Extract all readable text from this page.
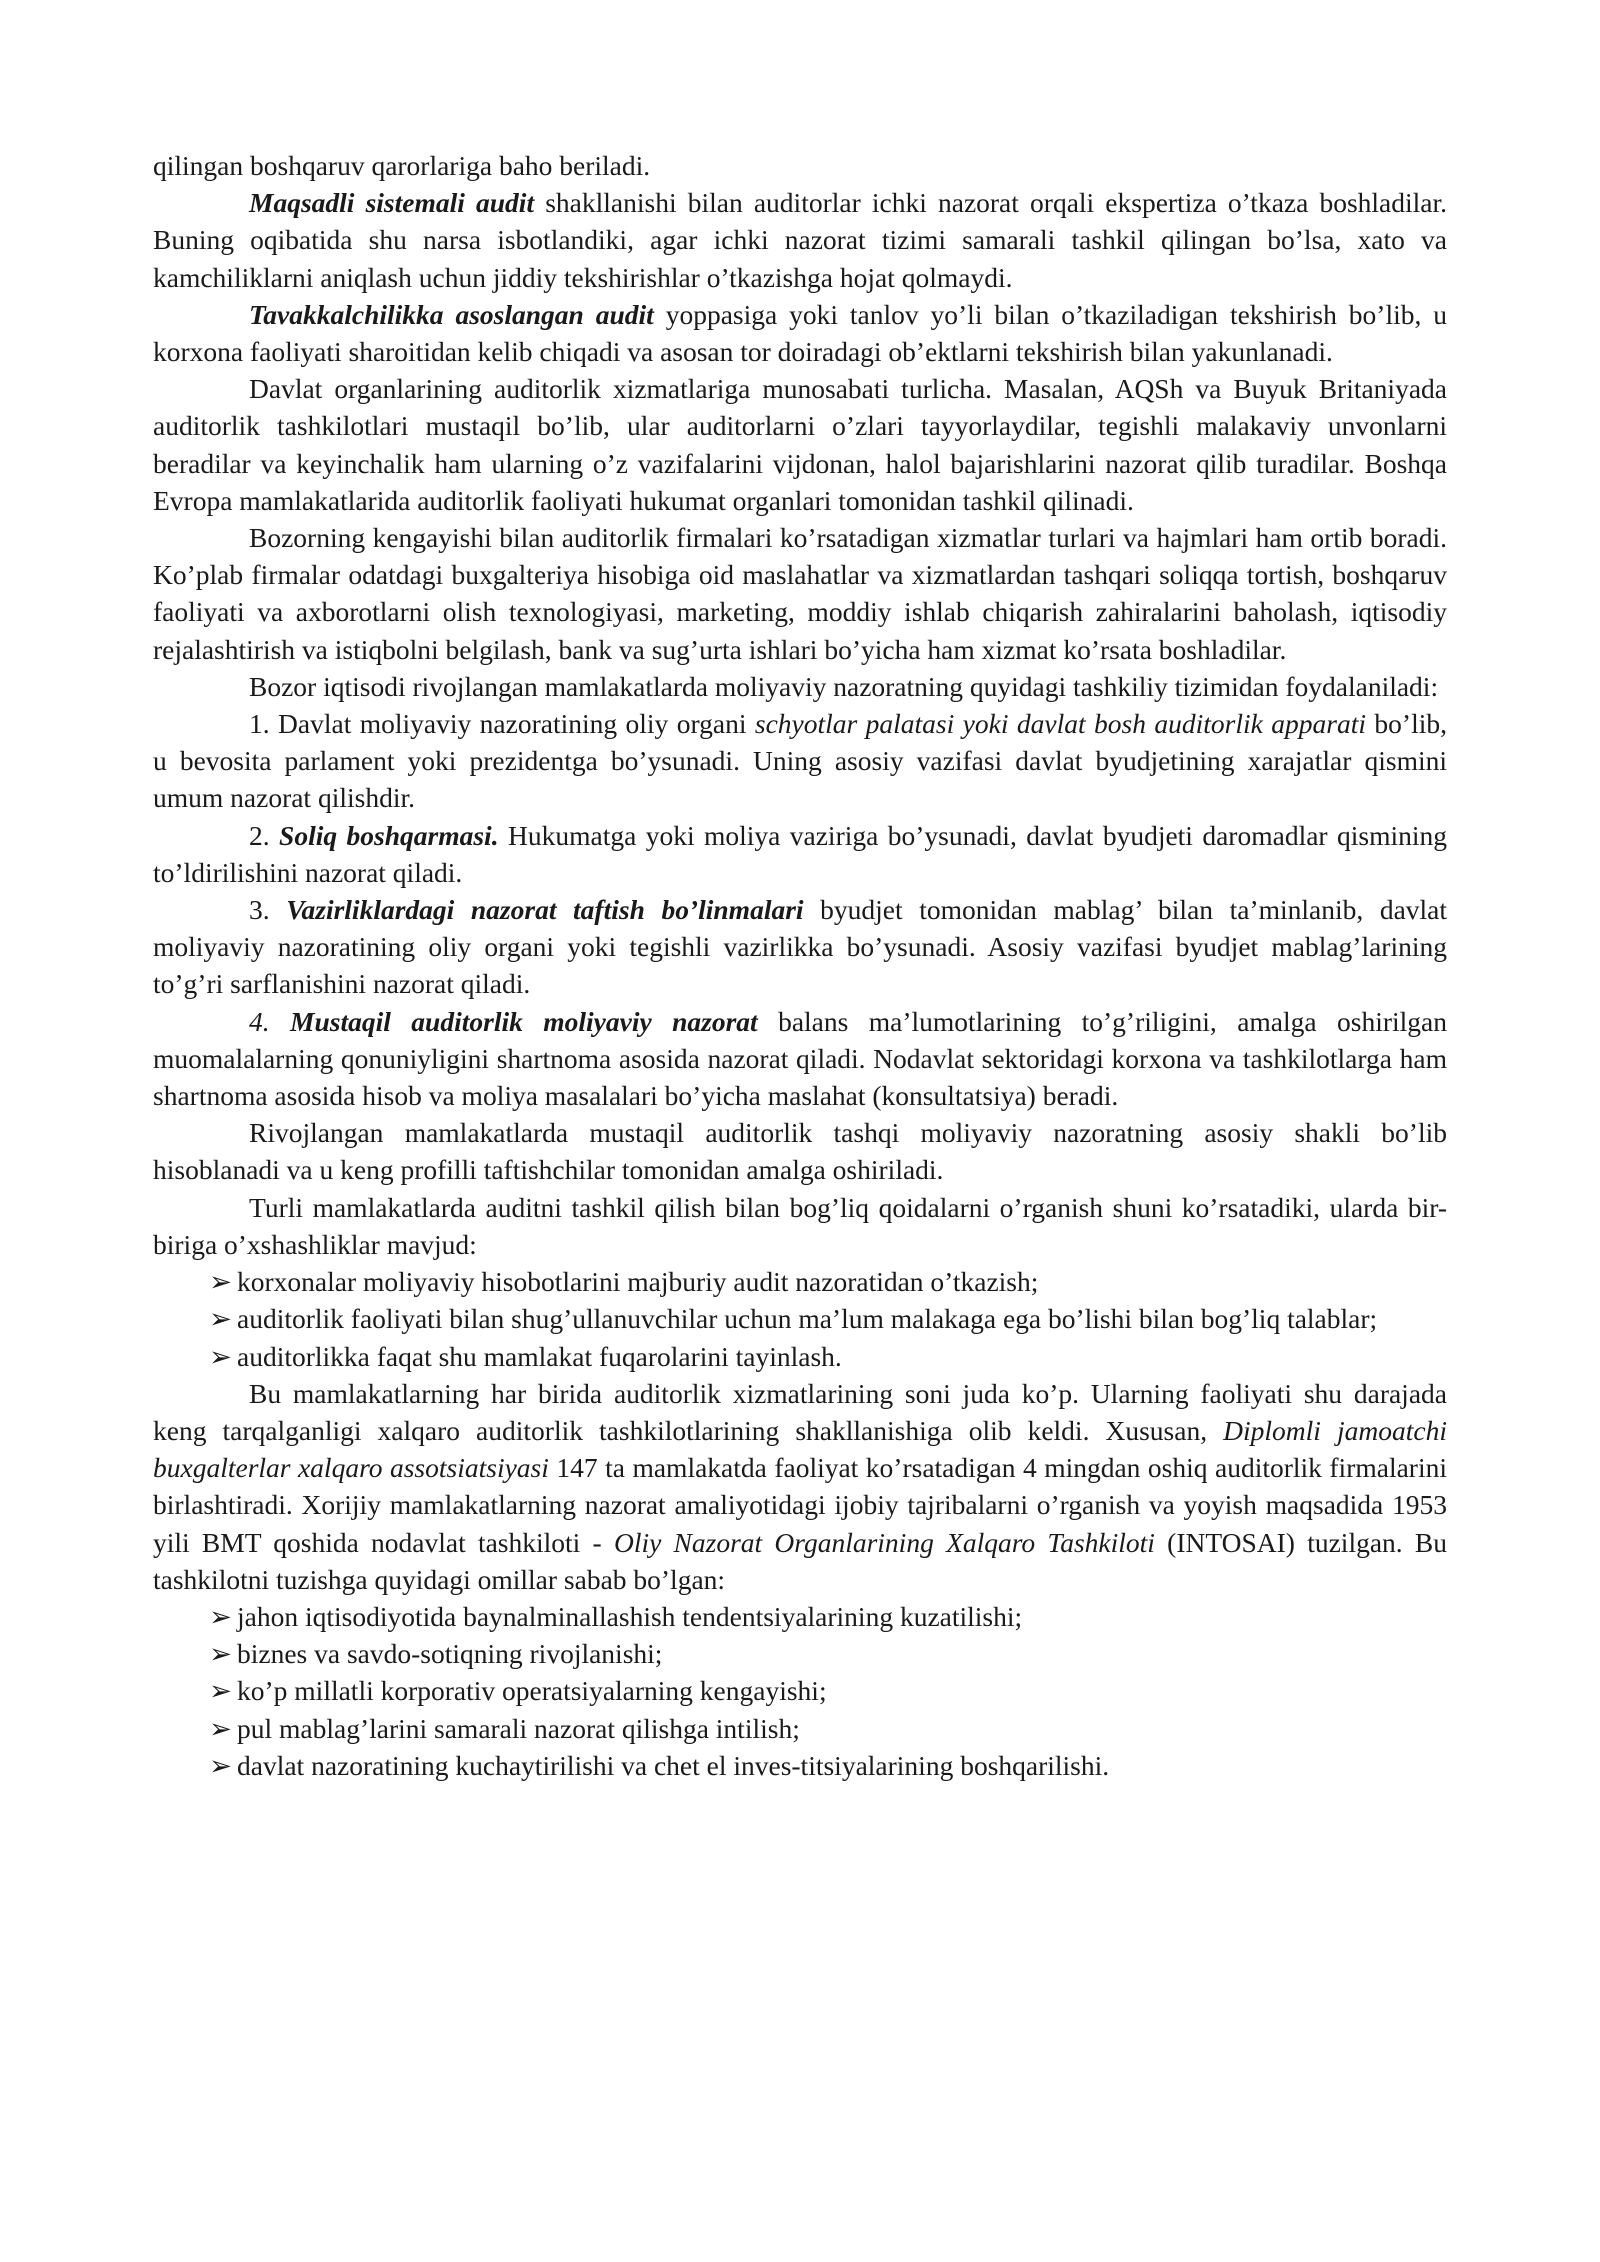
qilingan boshqaruv qarorlariga baho beriladi.

Maqsadli sistemali audit shakllanishi bilan auditorlar ichki nazorat orqali ekspertiza o’tkaza boshladilar. Buning oqibatida shu narsa isbotlandiki, agar ichki nazorat tizimi samarali tashkil qilingan bo’lsa, xato va kamchiliklarni aniqlash uchun jiddiy tekshirishlar o’tkazishga hojat qolmaydi.

Tavakkalchilikka asoslangan audit yoppasiga yoki tanlov yo’li bilan o’tkaziladigan tekshirish bo’lib, u korxona faoliyati sharoitidan kelib chiqadi va asosan tor doiradagi ob’ektlarni tekshirish bilan yakunlanadi.

Davlat organlarining auditorlik xizmatlariga munosabati turlicha. Masalan, AQSh va Buyuk Britaniyada auditorlik tashkilotlari mustaqil bo’lib, ular auditorlarni o’zlari tayyorlaydilar, tegishli malakaviy unvonlarni beradilar va keyinchalik ham ularning o’z vazifalarini vijdonan, halol bajarishlarini nazorat qilib turadilar. Boshqa Evropa mamlakatlarida auditorlik faoliyati hukumat organlari tomonidan tashkil qilinadi.

Bozorning kengayishi bilan auditorlik firmalari ko’rsatadigan xizmatlar turlari va hajmlari ham ortib boradi. Ko’plab firmalar odatdagi buxgalteriya hisobiga oid maslahatlar va xizmatlardan tashqari soliqqa tortish, boshqaruv faoliyati va axborotlarni olish texnologiyasi, marketing, moddiy ishlab chiqarish zahiralarini baholash, iqtisodiy rejalashtirish va istiqbolni belgilash, bank va sug’urta ishlari bo’yicha ham xizmat ko’rsata boshladilar.

Bozor iqtisodi rivojlangan mamlakatlarda moliyaviy nazoratning quyidagi tashkiliy tizimidan foydalaniladi:

1. Davlat moliyaviy nazoratining oliy organi schyotlar palatasi yoki davlat bosh auditorlik apparati bo’lib, u bevosita parlament yoki prezidentga bo’ysunadi. Uning asosiy vazifasi davlat byudjetining xarajatlar qismini umum nazorat qilishdir.

2. Soliq boshqarmasi. Hukumatga yoki moliya vaziriga bo’ysunadi, davlat byudjeti daromadlar qismining to’ldirilishini nazorat qiladi.

3. Vazirliklardagi nazorat taftish bo’linmalari byudjet tomonidan mablag’ bilan ta’minlanib, davlat moliyaviy nazoratining oliy organi yoki tegishli vazirlikka bo’ysunadi. Asosiy vazifasi byudjet mablag’larining to’g’ri sarflanishini nazorat qiladi.

4. Mustaqil auditorlik moliyaviy nazorat balans ma’lumotlarining to’g’riligini, amalga oshirilgan muomalalarning qonuniyligini shartnoma asosida nazorat qiladi. Nodavlat sektoridagi korxona va tashkilotlarga ham shartnoma asosida hisob va moliya masalalari bo’yicha maslahat (konsultatsiya) beradi.

Rivojlangan mamlakatlarda mustaqil auditorlik tashqi moliyaviy nazoratning asosiy shakli bo’lib hisoblanadi va u keng profilli taftishchilar tomonidan amalga oshiriladi.

Turli mamlakatlarda auditni tashkil qilish bilan bog’liq qoidalarni o’rganish shuni ko’rsatadiki, ularda bir-biriga o’xshashliklar mavjud:

➢ korxonalar moliyaviy hisobotlarini majburiy audit nazoratidan o’tkazish;

➢ auditorlik faoliyati bilan shug’ullanuvchilar uchun ma’lum malakaga ega bo’lishi bilan bog’liq talablar;

➢ auditorlikka faqat shu mamlakat fuqarolarini tayinlash.

Bu mamlakatlarning har birida auditorlik xizmatlarining soni juda ko’p. Ularning faoliyati shu darajada keng tarqalganligi xalqaro auditorlik tashkilotlarining shakllanishiga olib keldi. Xususan, Diplomli jamoatchi buxgalterlar xalqaro assotsiatsiyasi 147 ta mamlakatda faoliyat ko’rsatadigan 4 mingdan oshiq auditorlik firmalarini birlashtiradi. Xorijiy mamlakatlarning nazorat amaliyotidagi ijobiy tajribalarni o’rganish va yoyish maqsadida 1953 yili BMT qoshida nodavlat tashkiloti - Oliy Nazorat Organlarining Xalqaro Tashkiloti (INTOSAI) tuzilgan. Bu tashkilotni tuzishga quyidagi omillar sabab bo’lgan:

➢ jahon iqtisodiyotida baynalminallashish tendentsiyalarining kuzatilishi;

➢ biznes va savdo-sotiqning rivojlanishi;

➢ ko’p millatli korporativ operatsiyalarning kengayishi;

➢ pul mablag’larini samarali nazorat qilishga intilish;

➢ davlat nazoratining kuchaytirilishi va chet el inves-titsiyalarining boshqarilishi.
